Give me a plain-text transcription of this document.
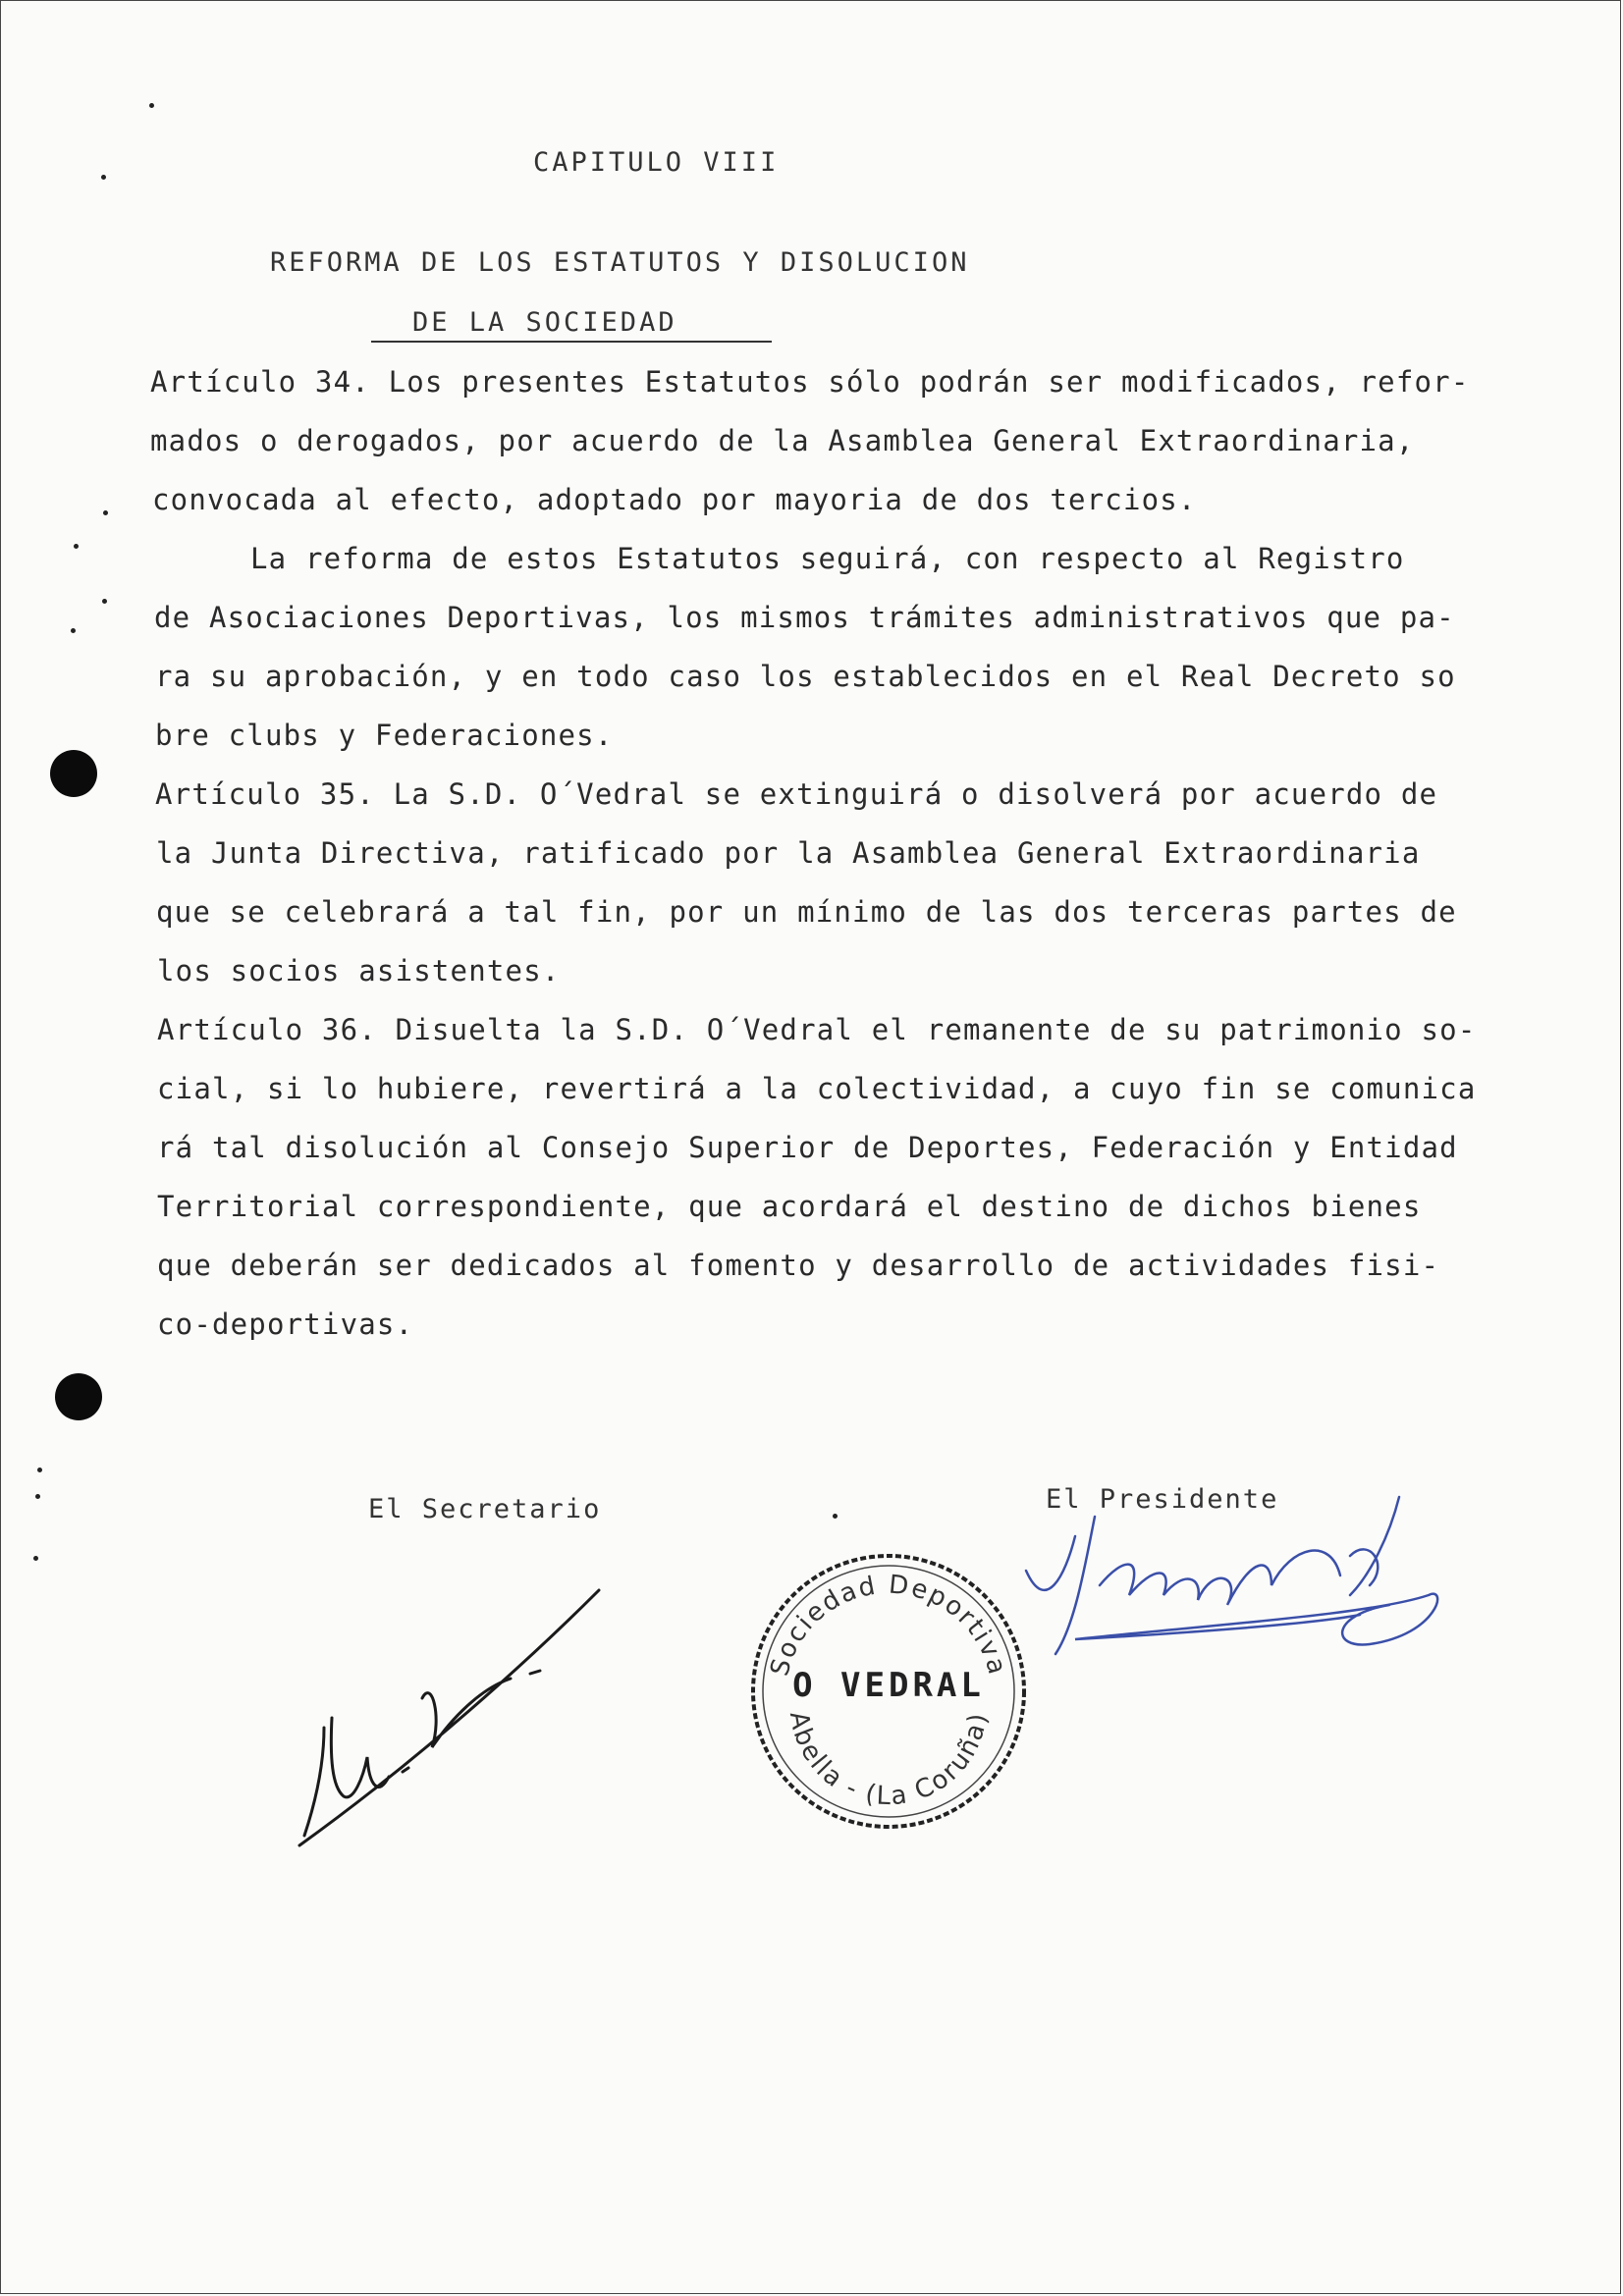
CAPITULO VIII
REFORMA DE LOS ESTATUTOS Y DISOLUCION
DE LA SOCIEDAD
Artículo 34. Los presentes Estatutos sólo podrán ser modificados, refor-
mados o derogados, por acuerdo de la Asamblea General Extraordinaria,
convocada al efecto, adoptado por mayoria de dos tercios.
La reforma de estos Estatutos seguirá, con respecto al Registro
de Asociaciones Deportivas, los mismos trámites administrativos que pa-
ra su aprobación, y en todo caso los establecidos en el Real Decreto so
bre clubs y Federaciones.
Artículo 35. La S.D. O´Vedral se extinguirá o disolverá por acuerdo de
la Junta Directiva, ratificado por la Asamblea General Extraordinaria
que se celebrará a tal fin, por un mínimo de las dos terceras partes de
los socios asistentes.
Artículo 36. Disuelta la S.D. O´Vedral el remanente de su patrimonio so-
cial, si lo hubiere, revertirá a la colectividad, a cuyo fin se comunica
rá tal disolución al Consejo Superior de Deportes, Federación y Entidad
Territorial correspondiente, que acordará el destino de dichos bienes
que deberán ser dedicados al fomento y desarrollo de actividades fisi-
co-deportivas.
El Secretario	El Presidente
Sociedad Deportiva
O VEDRAL
Abella - (La Coruña)
